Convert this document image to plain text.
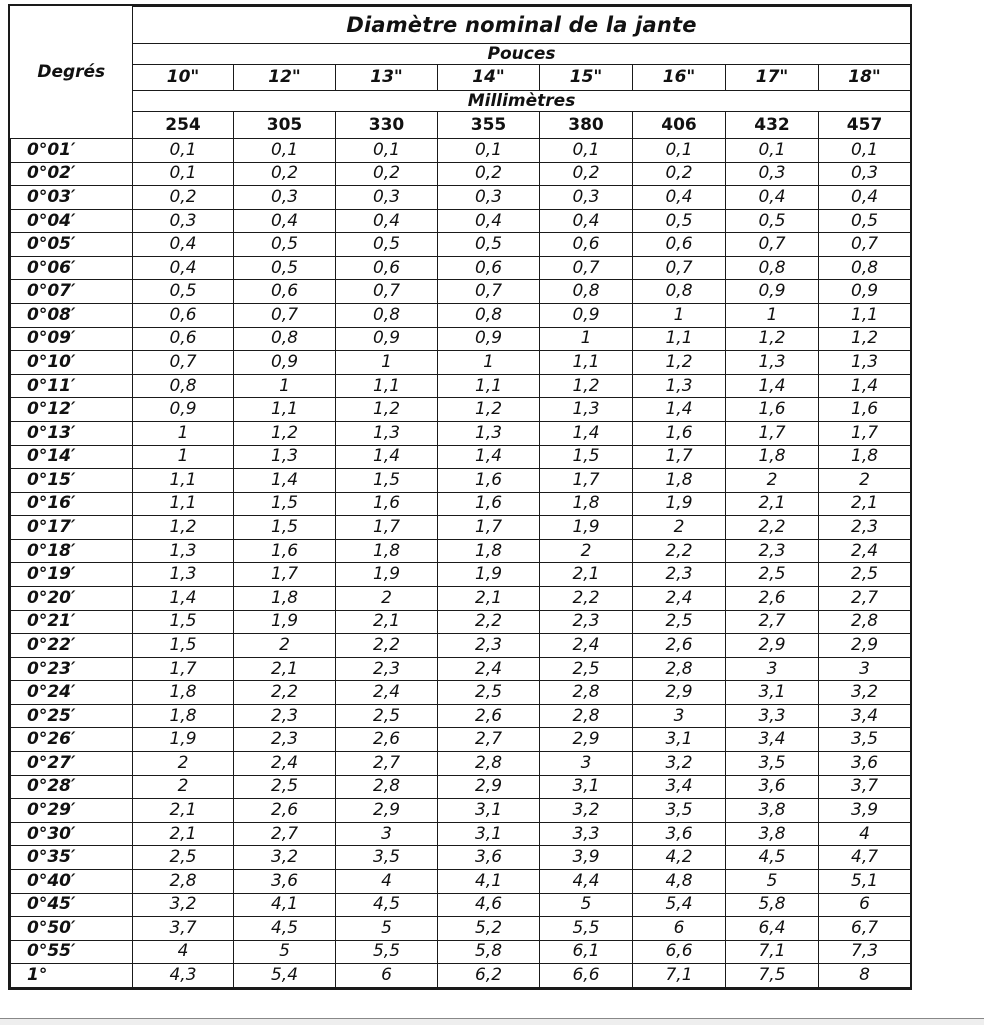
Degrés	Diamètre nominal de la jante							
	Pouces							
	10"	12"	13"	14"	15"	16"	17"	18"
	Millimètres							
	254	305	330	355	380	406	432	457
0°01′	0,1	0,1	0,1	0,1	0,1	0,1	0,1	0,1
0°02′	0,1	0,2	0,2	0,2	0,2	0,2	0,3	0,3
0°03′	0,2	0,3	0,3	0,3	0,3	0,4	0,4	0,4
0°04′	0,3	0,4	0,4	0,4	0,4	0,5	0,5	0,5
0°05′	0,4	0,5	0,5	0,5	0,6	0,6	0,7	0,7
0°06′	0,4	0,5	0,6	0,6	0,7	0,7	0,8	0,8
0°07′	0,5	0,6	0,7	0,7	0,8	0,8	0,9	0,9
0°08′	0,6	0,7	0,8	0,8	0,9	1	1	1,1
0°09′	0,6	0,8	0,9	0,9	1	1,1	1,2	1,2
0°10′	0,7	0,9	1	1	1,1	1,2	1,3	1,3
0°11′	0,8	1	1,1	1,1	1,2	1,3	1,4	1,4
0°12′	0,9	1,1	1,2	1,2	1,3	1,4	1,6	1,6
0°13′	1	1,2	1,3	1,3	1,4	1,6	1,7	1,7
0°14′	1	1,3	1,4	1,4	1,5	1,7	1,8	1,8
0°15′	1,1	1,4	1,5	1,6	1,7	1,8	2	2
0°16′	1,1	1,5	1,6	1,6	1,8	1,9	2,1	2,1
0°17′	1,2	1,5	1,7	1,7	1,9	2	2,2	2,3
0°18′	1,3	1,6	1,8	1,8	2	2,2	2,3	2,4
0°19′	1,3	1,7	1,9	1,9	2,1	2,3	2,5	2,5
0°20′	1,4	1,8	2	2,1	2,2	2,4	2,6	2,7
0°21′	1,5	1,9	2,1	2,2	2,3	2,5	2,7	2,8
0°22′	1,5	2	2,2	2,3	2,4	2,6	2,9	2,9
0°23′	1,7	2,1	2,3	2,4	2,5	2,8	3	3
0°24′	1,8	2,2	2,4	2,5	2,8	2,9	3,1	3,2
0°25′	1,8	2,3	2,5	2,6	2,8	3	3,3	3,4
0°26′	1,9	2,3	2,6	2,7	2,9	3,1	3,4	3,5
0°27′	2	2,4	2,7	2,8	3	3,2	3,5	3,6
0°28′	2	2,5	2,8	2,9	3,1	3,4	3,6	3,7
0°29′	2,1	2,6	2,9	3,1	3,2	3,5	3,8	3,9
0°30′	2,1	2,7	3	3,1	3,3	3,6	3,8	4
0°35′	2,5	3,2	3,5	3,6	3,9	4,2	4,5	4,7
0°40′	2,8	3,6	4	4,1	4,4	4,8	5	5,1
0°45′	3,2	4,1	4,5	4,6	5	5,4	5,8	6
0°50′	3,7	4,5	5	5,2	5,5	6	6,4	6,7
0°55′	4	5	5,5	5,8	6,1	6,6	7,1	7,3
1°	4,3	5,4	6	6,2	6,6	7,1	7,5	8
